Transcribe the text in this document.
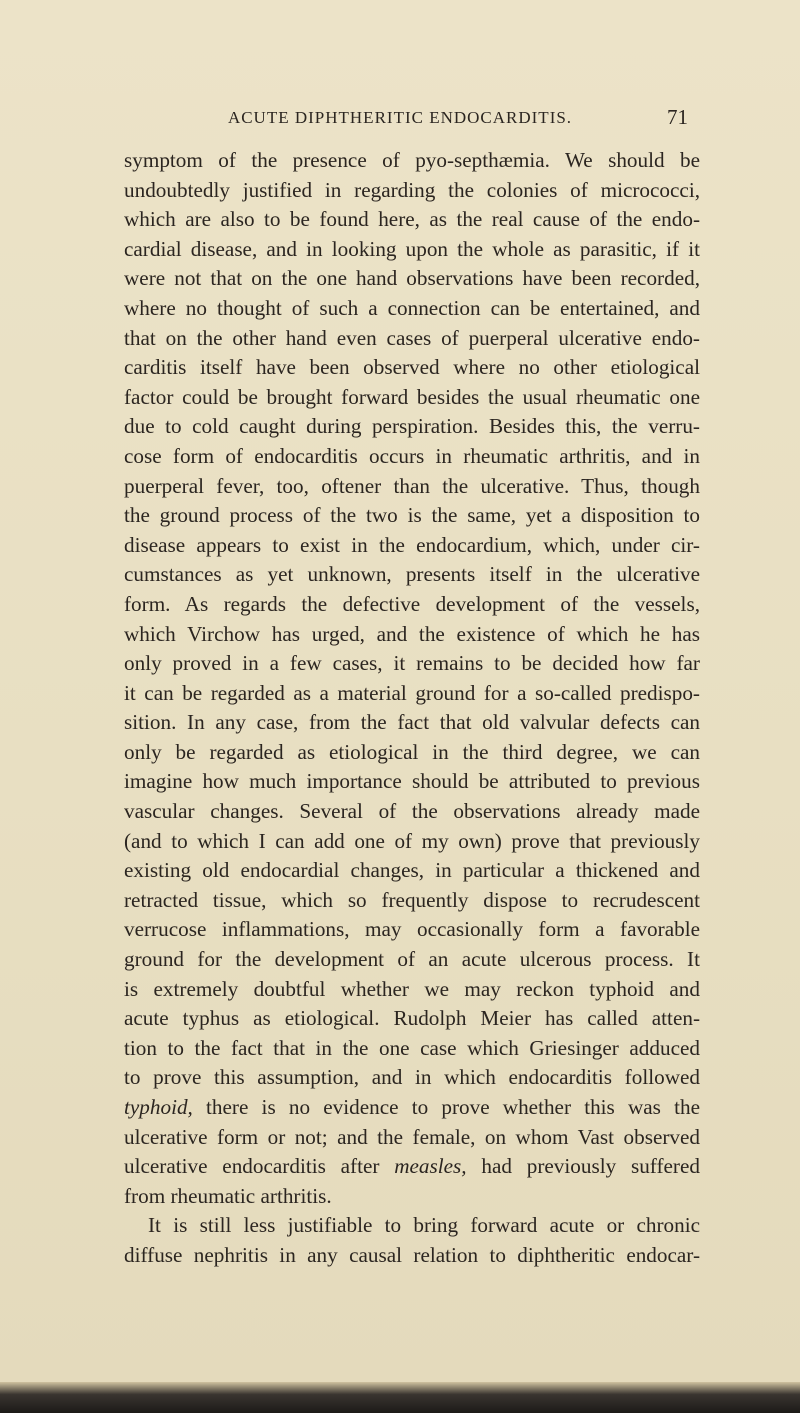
ACUTE DIPHTHERITIC ENDOCARDITIS.	71
symptom of the presence of pyo-septhæmia. We should be
undoubtedly justified in regarding the colonies of micrococci,
which are also to be found here, as the real cause of the endo-
cardial disease, and in looking upon the whole as parasitic, if it
were not that on the one hand observations have been recorded,
where no thought of such a connection can be entertained, and
that on the other hand even cases of puerperal ulcerative endo-
carditis itself have been observed where no other etiological
factor could be brought forward besides the usual rheumatic one
due to cold caught during perspiration. Besides this, the verru-
cose form of endocarditis occurs in rheumatic arthritis, and in
puerperal fever, too, oftener than the ulcerative. Thus, though
the ground process of the two is the same, yet a disposition to
disease appears to exist in the endocardium, which, under cir-
cumstances as yet unknown, presents itself in the ulcerative
form. As regards the defective development of the vessels,
which Virchow has urged, and the existence of which he has
only proved in a few cases, it remains to be decided how far
it can be regarded as a material ground for a so-called predispo-
sition. In any case, from the fact that old valvular defects can
only be regarded as etiological in the third degree, we can
imagine how much importance should be attributed to previous
vascular changes. Several of the observations already made
(and to which I can add one of my own) prove that previously
existing old endocardial changes, in particular a thickened and
retracted tissue, which so frequently dispose to recrudescent
verrucose inflammations, may occasionally form a favorable
ground for the development of an acute ulcerous process. It
is extremely doubtful whether we may reckon typhoid and
acute typhus as etiological. Rudolph Meier has called atten-
tion to the fact that in the one case which Griesinger adduced
to prove this assumption, and in which endocarditis followed
typhoid, there is no evidence to prove whether this was the
ulcerative form or not; and the female, on whom Vast observed
ulcerative endocarditis after measles, had previously suffered
from rheumatic arthritis.
It is still less justifiable to bring forward acute or chronic
diffuse nephritis in any causal relation to diphtheritic endocar-
